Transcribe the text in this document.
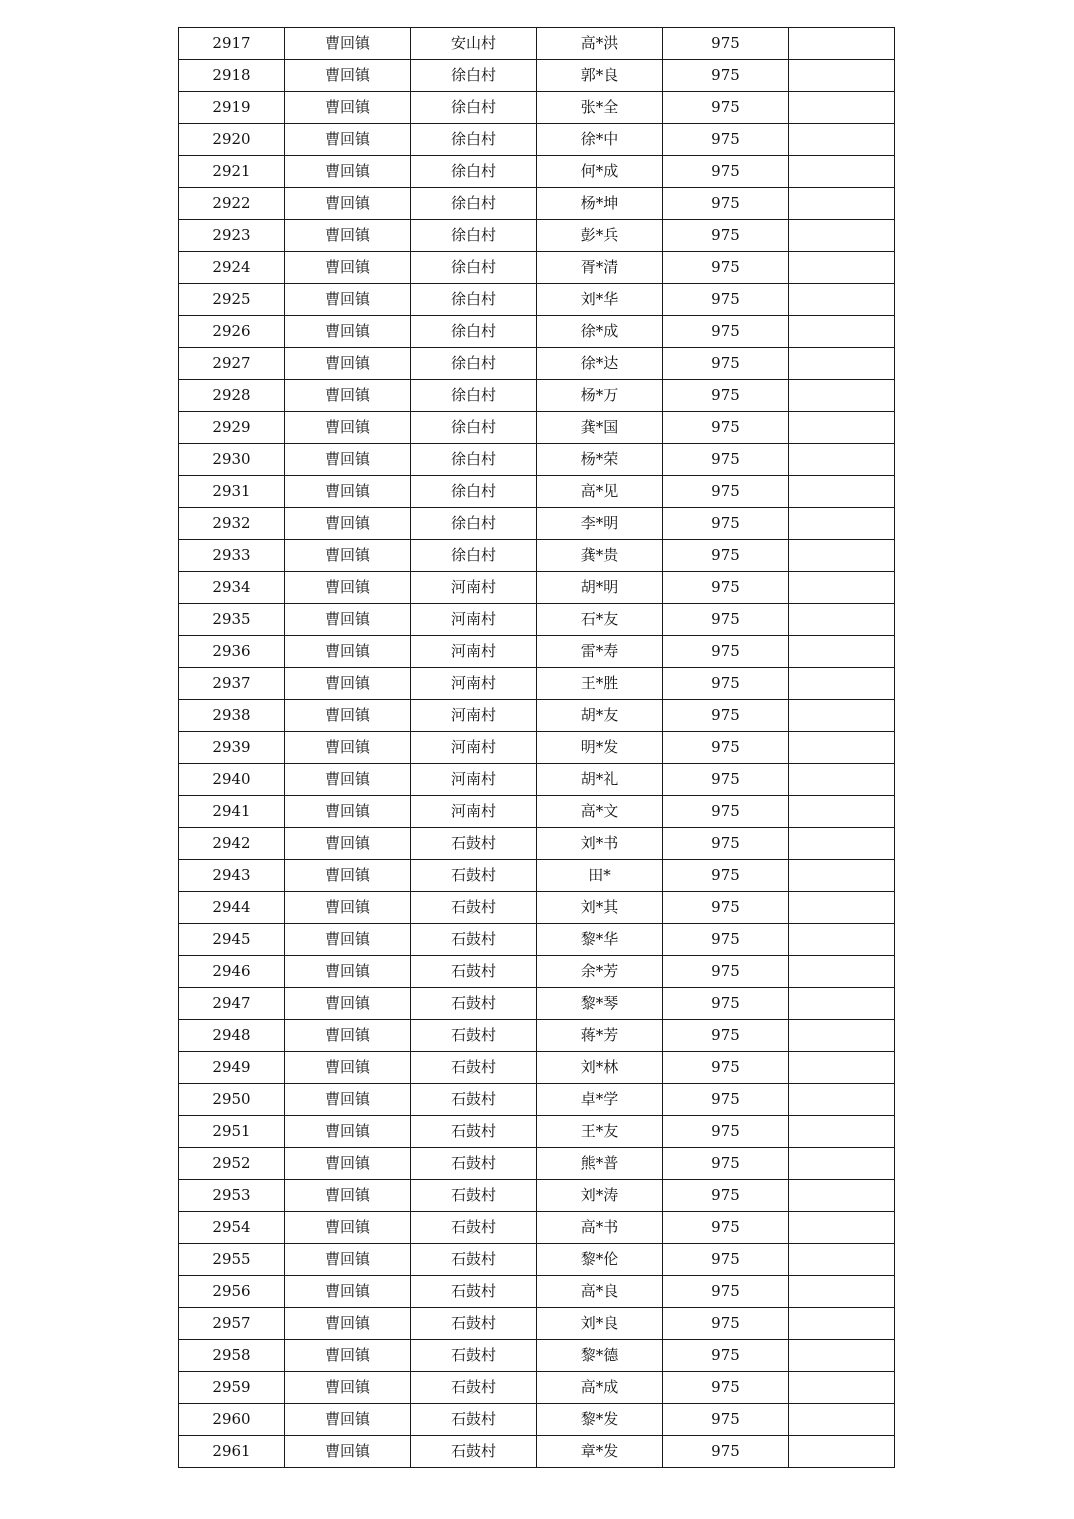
2917	曹回镇	安山村	高*洪	975	
2918	曹回镇	徐白村	郭*良	975	
2919	曹回镇	徐白村	张*全	975	
2920	曹回镇	徐白村	徐*中	975	
2921	曹回镇	徐白村	何*成	975	
2922	曹回镇	徐白村	杨*坤	975	
2923	曹回镇	徐白村	彭*兵	975	
2924	曹回镇	徐白村	胥*清	975	
2925	曹回镇	徐白村	刘*华	975	
2926	曹回镇	徐白村	徐*成	975	
2927	曹回镇	徐白村	徐*达	975	
2928	曹回镇	徐白村	杨*万	975	
2929	曹回镇	徐白村	龚*国	975	
2930	曹回镇	徐白村	杨*荣	975	
2931	曹回镇	徐白村	高*见	975	
2932	曹回镇	徐白村	李*明	975	
2933	曹回镇	徐白村	龚*贵	975	
2934	曹回镇	河南村	胡*明	975	
2935	曹回镇	河南村	石*友	975	
2936	曹回镇	河南村	雷*寿	975	
2937	曹回镇	河南村	王*胜	975	
2938	曹回镇	河南村	胡*友	975	
2939	曹回镇	河南村	明*发	975	
2940	曹回镇	河南村	胡*礼	975	
2941	曹回镇	河南村	高*文	975	
2942	曹回镇	石鼓村	刘*书	975	
2943	曹回镇	石鼓村	田*	975	
2944	曹回镇	石鼓村	刘*其	975	
2945	曹回镇	石鼓村	黎*华	975	
2946	曹回镇	石鼓村	余*芳	975	
2947	曹回镇	石鼓村	黎*琴	975	
2948	曹回镇	石鼓村	蒋*芳	975	
2949	曹回镇	石鼓村	刘*林	975	
2950	曹回镇	石鼓村	卓*学	975	
2951	曹回镇	石鼓村	王*友	975	
2952	曹回镇	石鼓村	熊*普	975	
2953	曹回镇	石鼓村	刘*涛	975	
2954	曹回镇	石鼓村	高*书	975	
2955	曹回镇	石鼓村	黎*伦	975	
2956	曹回镇	石鼓村	高*良	975	
2957	曹回镇	石鼓村	刘*良	975	
2958	曹回镇	石鼓村	黎*德	975	
2959	曹回镇	石鼓村	高*成	975	
2960	曹回镇	石鼓村	黎*发	975	
2961	曹回镇	石鼓村	章*发	975	
